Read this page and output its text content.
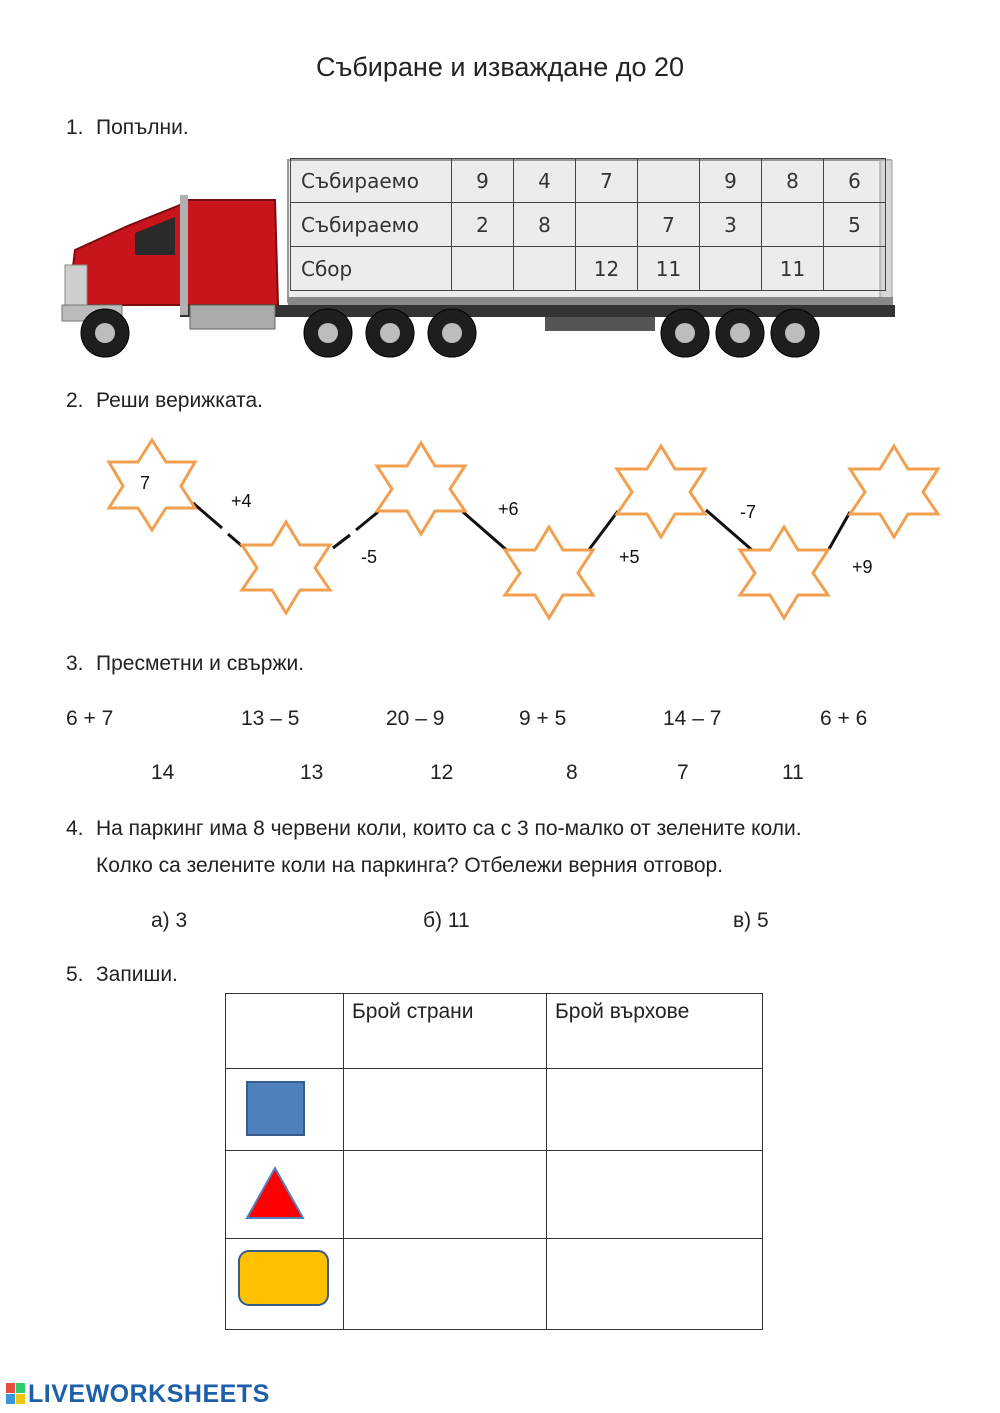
Събиране и изваждане до 20
1. Попълни.
Събираемо	9	4	7		9	8	6
Събираемо	2	8		7	3		5
Сбор			12	11		11	
2. Реши верижката.
7
+4
-5
+6
+5
-7
+9
3. Пресметни и свържи.
6 + 7	13 – 5	20 – 9	9 + 5	14 – 7	6 + 6
14	13	12	8	7	11
4. На паркинг има 8 червени коли, които са с 3 по-малко от зелените коли.
Колко са зелените коли на паркинга? Отбележи верния отговор.
а) 3	б) 11	в) 5
5. Запиши.
	Брой страни	Брой върхове

LIVEWORKSHEETS
